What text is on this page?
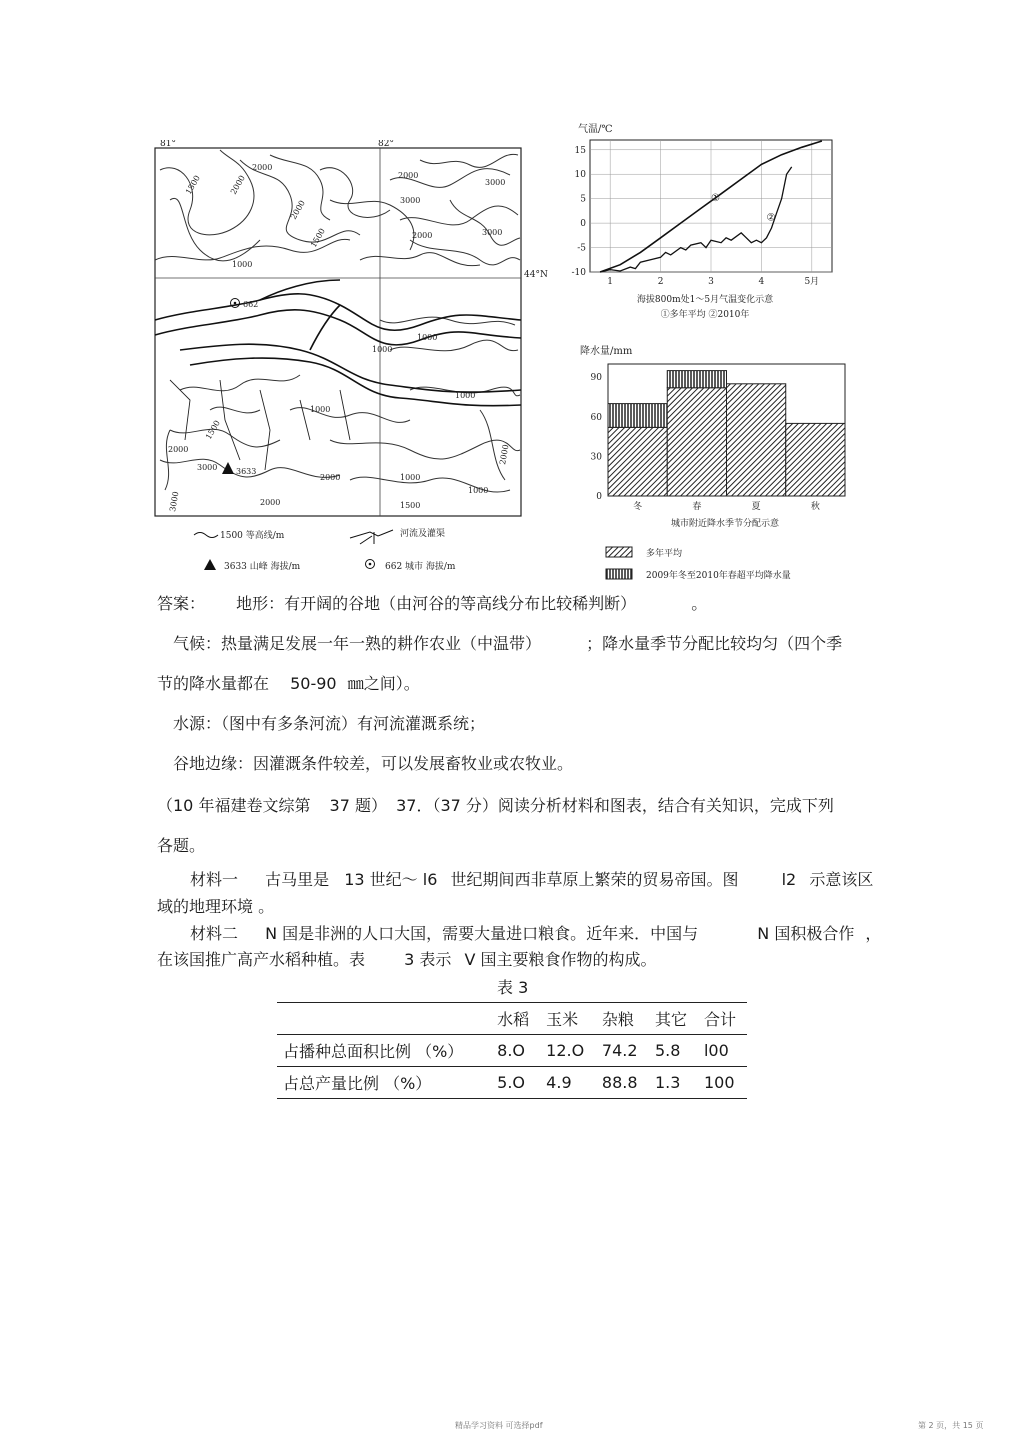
81°	82°
44°N
2000
1500	2000
2000	3000
2000
1500
1000
3000
2000
3000
1000
1000
1000
1000
1500
2000
3000
2000
2000	1500
1000
2000
1000
3000
3633
662
1500 等高线/m	河流及灌渠
3633 山峰 海拔/m	662 城市 海拔/m
气温/℃
15
10
5
0
-5
-10
1	2	3	4	5月
①
②
海拔800m处1～5月气温变化示意
①多年平均 ②2010年
降水量/mm
90
60
30
0
冬	春	夏	秋
城市附近降水季节分配示意
多年平均
2009年冬至2010年春超平均降水量
答案： 地形：有开阔的谷地（由河谷的等高线分布比较稀判断）	。
气候：热量满足发展一年一熟的耕作农业（中温带）	；降水量季节分配比较均匀（四个季
节的降水量都在 50-90 ㎜之间）。
水源：（图中有多条河流）有河流灌溉系统；
谷地边缘：因灌溉条件较差，可以发展畜牧业或农牧业。
（10 年福建卷文综第 37 题） 37．（37 分）阅读分析材料和图表，结合有关知识，完成下列
各题。
材料一 古马里是 13 世纪～ l6 世纪期间西非草原上繁荣的贸易帝国。图	l2 示意该区
域的地理环境 。
材料二 N 国是非洲的人口大国，需要大量进口粮食。近年来．中国与	N 国积极合作 ，
在该国推广高产水稻种植。表 3 表示 V 国主要粮食作物的构成。
表 3
	水稻	玉米	杂粮	其它	合计
占播种总面积比例 （%）	8.O	12.O	74.2	5.8	l00
占总产量比例 （%）	5.O	4.9	88.8	1.3	100
精品学习资料 可选择pdf	第 2 页，共 15 页
